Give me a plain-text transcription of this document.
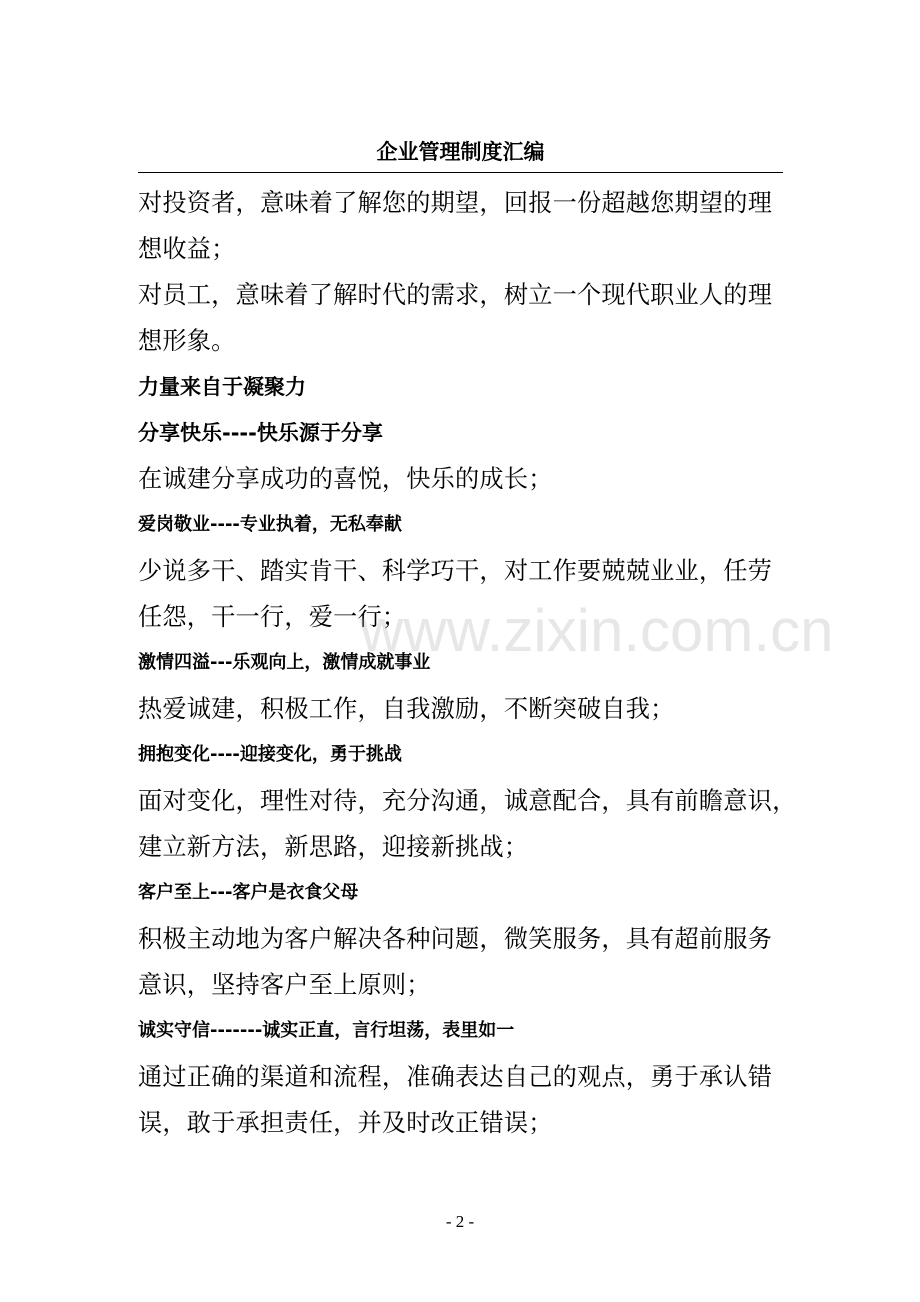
企业管理制度汇编

对投资者，意味着了解您的期望，回报一份超越您期望的理
想收益；

对员工，意味着了解时代的需求，树立一个现代职业人的理
想形象。

力量来自于凝聚力

分享快乐----快乐源于分享

在诚建分享成功的喜悦，快乐的成长；

爱岗敬业----专业执着，无私奉献

少说多干、踏实肯干、科学巧干，对工作要兢兢业业，任劳
任怨，干一行，爱一行；

激情四溢---乐观向上，激情成就事业

热爱诚建，积极工作，自我激励，不断突破自我；

拥抱变化----迎接变化，勇于挑战

面对变化，理性对待，充分沟通，诚意配合，具有前瞻意识，
建立新方法，新思路，迎接新挑战；

客户至上---客户是衣食父母

积极主动地为客户解决各种问题，微笑服务，具有超前服务
意识，坚持客户至上原则；

诚实守信-------诚实正直，言行坦荡，表里如一

通过正确的渠道和流程，准确表达自己的观点，勇于承认错
误，敢于承担责任，并及时改正错误；

www.zixin.com.cn
- 2 -
